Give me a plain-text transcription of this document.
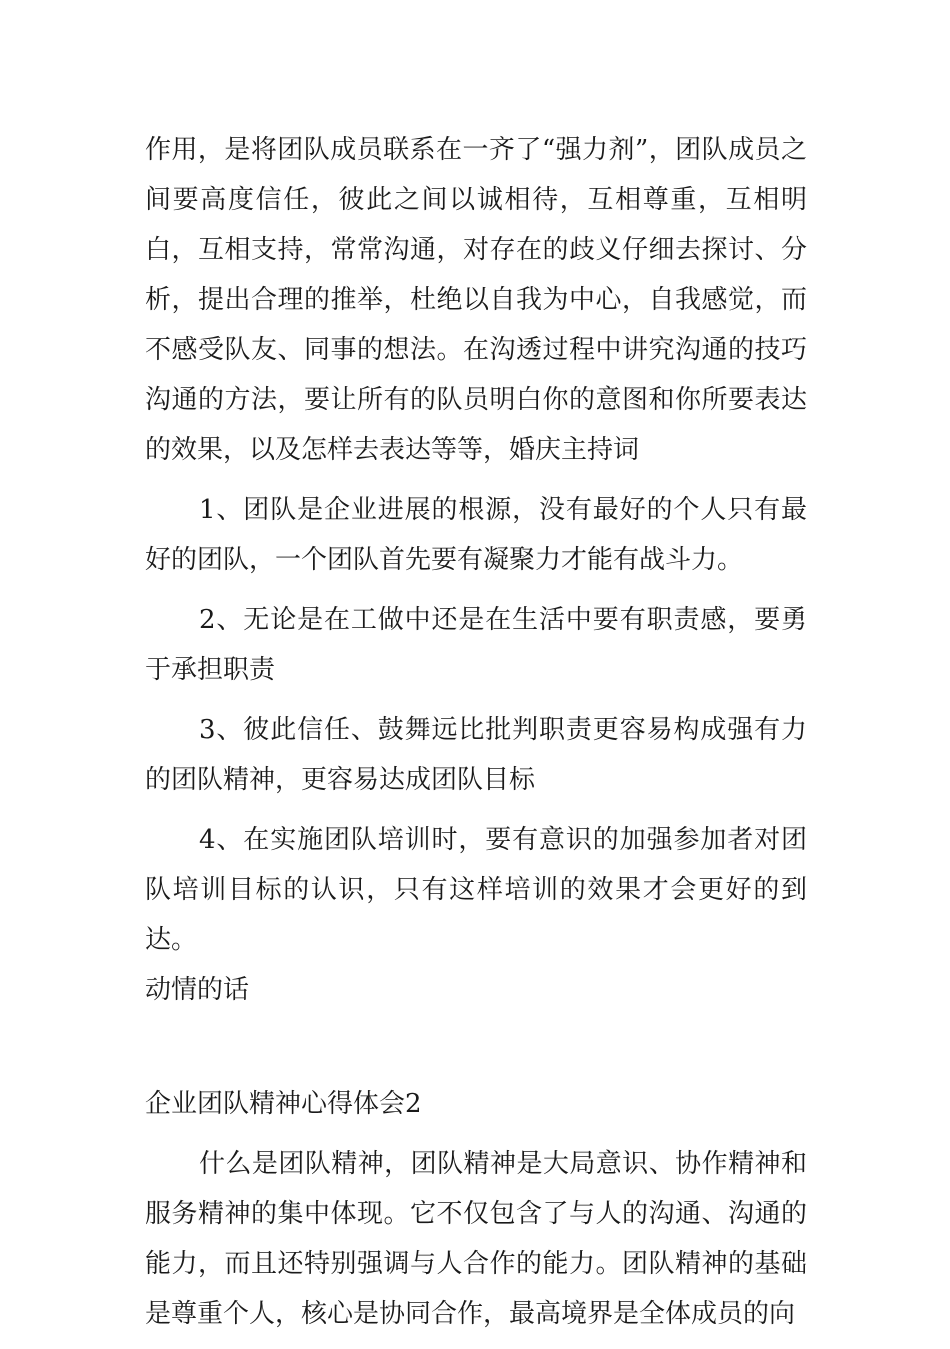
作用，是将团队成员联系在一齐了“强力剂”，团队成员之间要高度信任，彼此之间以诚相待，互相尊重，互相明白，互相支持，常常沟通，对存在的歧义仔细去探讨、分析，提出合理的推举，杜绝以自我为中心，自我感觉，而不感受队友、同事的想法。在沟透过程中讲究沟通的技巧沟通的方法，要让所有的队员明白你的意图和你所要表达的效果，以及怎样去表达等等，婚庆主持词

1、团队是企业进展的根源，没有最好的个人只有最好的团队，一个团队首先要有凝聚力才能有战斗力。

2、无论是在工做中还是在生活中要有职责感，要勇于承担职责

3、彼此信任、鼓舞远比批判职责更容易构成强有力的团队精神，更容易达成团队目标

4、在实施团队培训时，要有意识的加强参加者对团队培训目标的认识，只有这样培训的效果才会更好的到达。

动情的话

企业团队精神心得体会2

什么是团队精神，团队精神是大局意识、协作精神和服务精神的集中体现。它不仅包含了与人的沟通、沟通的能力，而且还特别强调与人合作的能力。团队精神的基础是尊重个人，核心是协同合作，最高境界是全体成员的向
